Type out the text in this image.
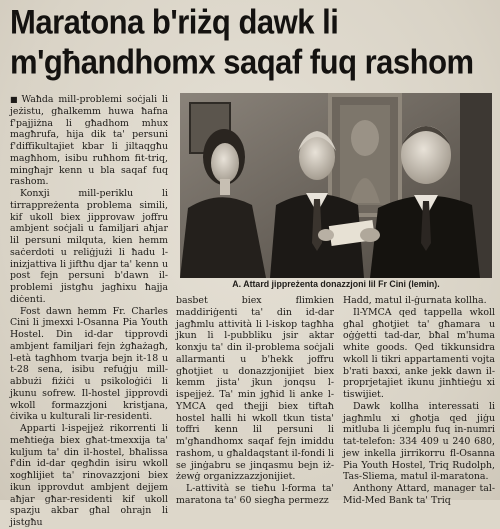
Maratona b'riżq dawk li
m'għandhomx saqaf fuq rashom

■ Waħda mill-problemi soċjali li jeżistu, għalkemm huwa ħafna f'pajjiżna li għadhom mhux magħrufa, hija dik ta' persuni f'diffikultajiet kbar li jiltaqgħu magħhom, isibu ruħhom fit-triq, mingħajr kenn u bla saqaf fuq rashom.

Konxji mill-periklu li tirrappreżenta problema simili, kif ukoll biex jipprovaw joffru ambjent soċjali u familjari aħjar lil persuni milquta, kien hemm saċerdoti u reliġjużi li ħadu l-inizjattiva li jiftħu djar ta' kenn u post fejn persuni b'dawn il-problemi jistgħu jagħixu ħajja diċenti.

Fost dawn hemm Fr. Charles Cini li jmexxi l-Osanna Pia Youth Hostel. Din id-dar tipprovdi ambjent familjari fejn żgħażagħ, l-età tagħhom tvarja bejn it-18 u t-28 sena, isibu refuġju mill-abbużi fiżiċi u psikoloġiċi li jkunu sofrew. Il-hostel jipprovdi wkoll formazzjoni kristjana, ċivika u kulturali lir-residenti.

Apparti l-ispejjeż rikorrenti li meħtieġa biex għat-tmexxija ta' kuljum ta' din il-hostel, bħalissa f'din id-dar qegħdin isiru wkoll xogħlijiet ta' rinovazzjoni biex ikun ipprovdut ambjent dejjem aħjar għar-residenti kif ukoll spazju akbar għal ohrajn li jistgħu

A. Attard jippreżenta donazzjoni lil Fr Cini (lemin).

basbet biex flimkien maddiriġenti ta' din id-dar jagħmlu attività li l-iskop tagħha jkun li l-pubbliku jsir aktar konxju ta' din il-problema soċjali allarmanti u b'hekk joffru għotjiet u donazzjonijiet biex kemm jista' jkun jonqsu l-ispejjeż. Ta' min jgħid li anke l-YMCA qed tħejji biex tiftaħ hostel halli hi wkoll tkun tista' toffri kenn lil persuni li m'għandhomx saqaf fejn imiddu rashom, u għaldaqstant il-fondi li se jinġabru se jinqasmu bejn iż-żewġ organizzazzjonijiet.

L-attività se tieħu l-forma ta' maratona ta' 60 siegħa permezz

Hadd, matul il-ġurnata kollha.

Il-YMCA qed tappella wkoll għal għotjiet ta' għamara u oġġetti tad-dar, bħal m'huma white goods. Qed tikkunsidra wkoll li tikri appartamenti vojta b'rati baxxi, anke jekk dawn il-proprjetajiet ikunu jinħtieġu xi tiswijiet.

Dawk kollha interessati li jagħmlu xi għotja qed jiġu mitluba li jċemplu fuq in-numri tat-telefon: 334 409 u 240 680, jew inkella jirrikorru fl-Osanna Pia Youth Hostel, Triq Rudolph, Tas-Sliema, matul il-maratona.

Anthony Attard, manager tal-Mid-Med Bank ta' Triq
